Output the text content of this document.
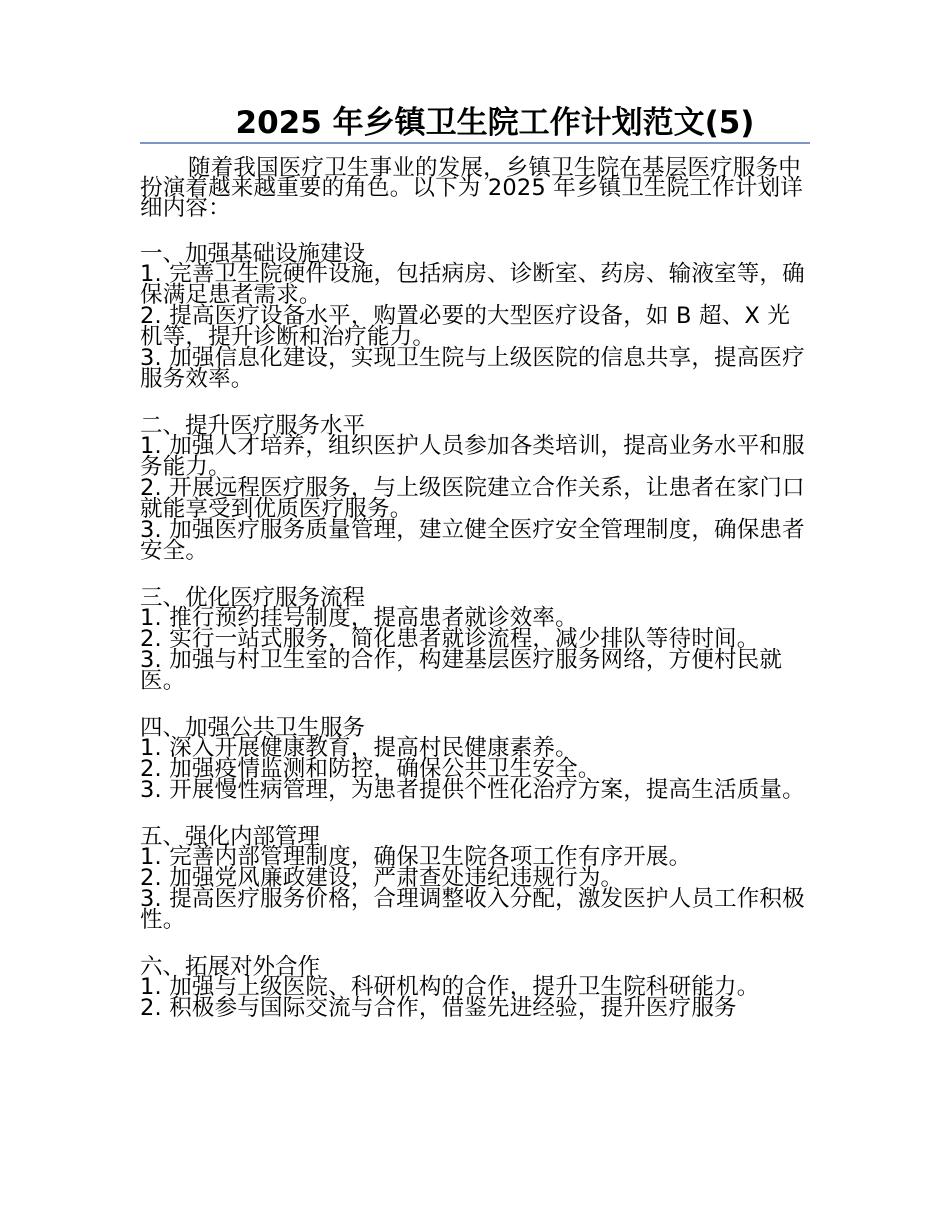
2025 年乡镇卫生院工作计划范文(5)

随着我国医疗卫生事业的发展，乡镇卫生院在基层医疗服务中扮演着越来越重要的角色。以下为 2025 年乡镇卫生院工作计划详细内容：

一、加强基础设施建设

1. 完善卫生院硬件设施，包括病房、诊断室、药房、输液室等，确保满足患者需求。

2. 提高医疗设备水平，购置必要的大型医疗设备，如 B 超、X 光机等，提升诊断和治疗能力。

3. 加强信息化建设，实现卫生院与上级医院的信息共享，提高医疗服务效率。

二、提升医疗服务水平

1. 加强人才培养，组织医护人员参加各类培训，提高业务水平和服务能力。

2. 开展远程医疗服务，与上级医院建立合作关系，让患者在家门口就能享受到优质医疗服务。

3. 加强医疗服务质量管理，建立健全医疗安全管理制度，确保患者安全。

三、优化医疗服务流程

1. 推行预约挂号制度，提高患者就诊效率。

2. 实行一站式服务，简化患者就诊流程，减少排队等待时间。

3. 加强与村卫生室的合作，构建基层医疗服务网络，方便村民就医。

四、加强公共卫生服务

1. 深入开展健康教育，提高村民健康素养。

2. 加强疫情监测和防控，确保公共卫生安全。

3. 开展慢性病管理，为患者提供个性化治疗方案，提高生活质量。

五、强化内部管理

1. 完善内部管理制度，确保卫生院各项工作有序开展。

2. 加强党风廉政建设，严肃查处违纪违规行为。

3. 提高医疗服务价格，合理调整收入分配，激发医护人员工作积极性。

六、拓展对外合作

1. 加强与上级医院、科研机构的合作，提升卫生院科研能力。

2. 积极参与国际交流与合作，借鉴先进经验，提升医疗服务
